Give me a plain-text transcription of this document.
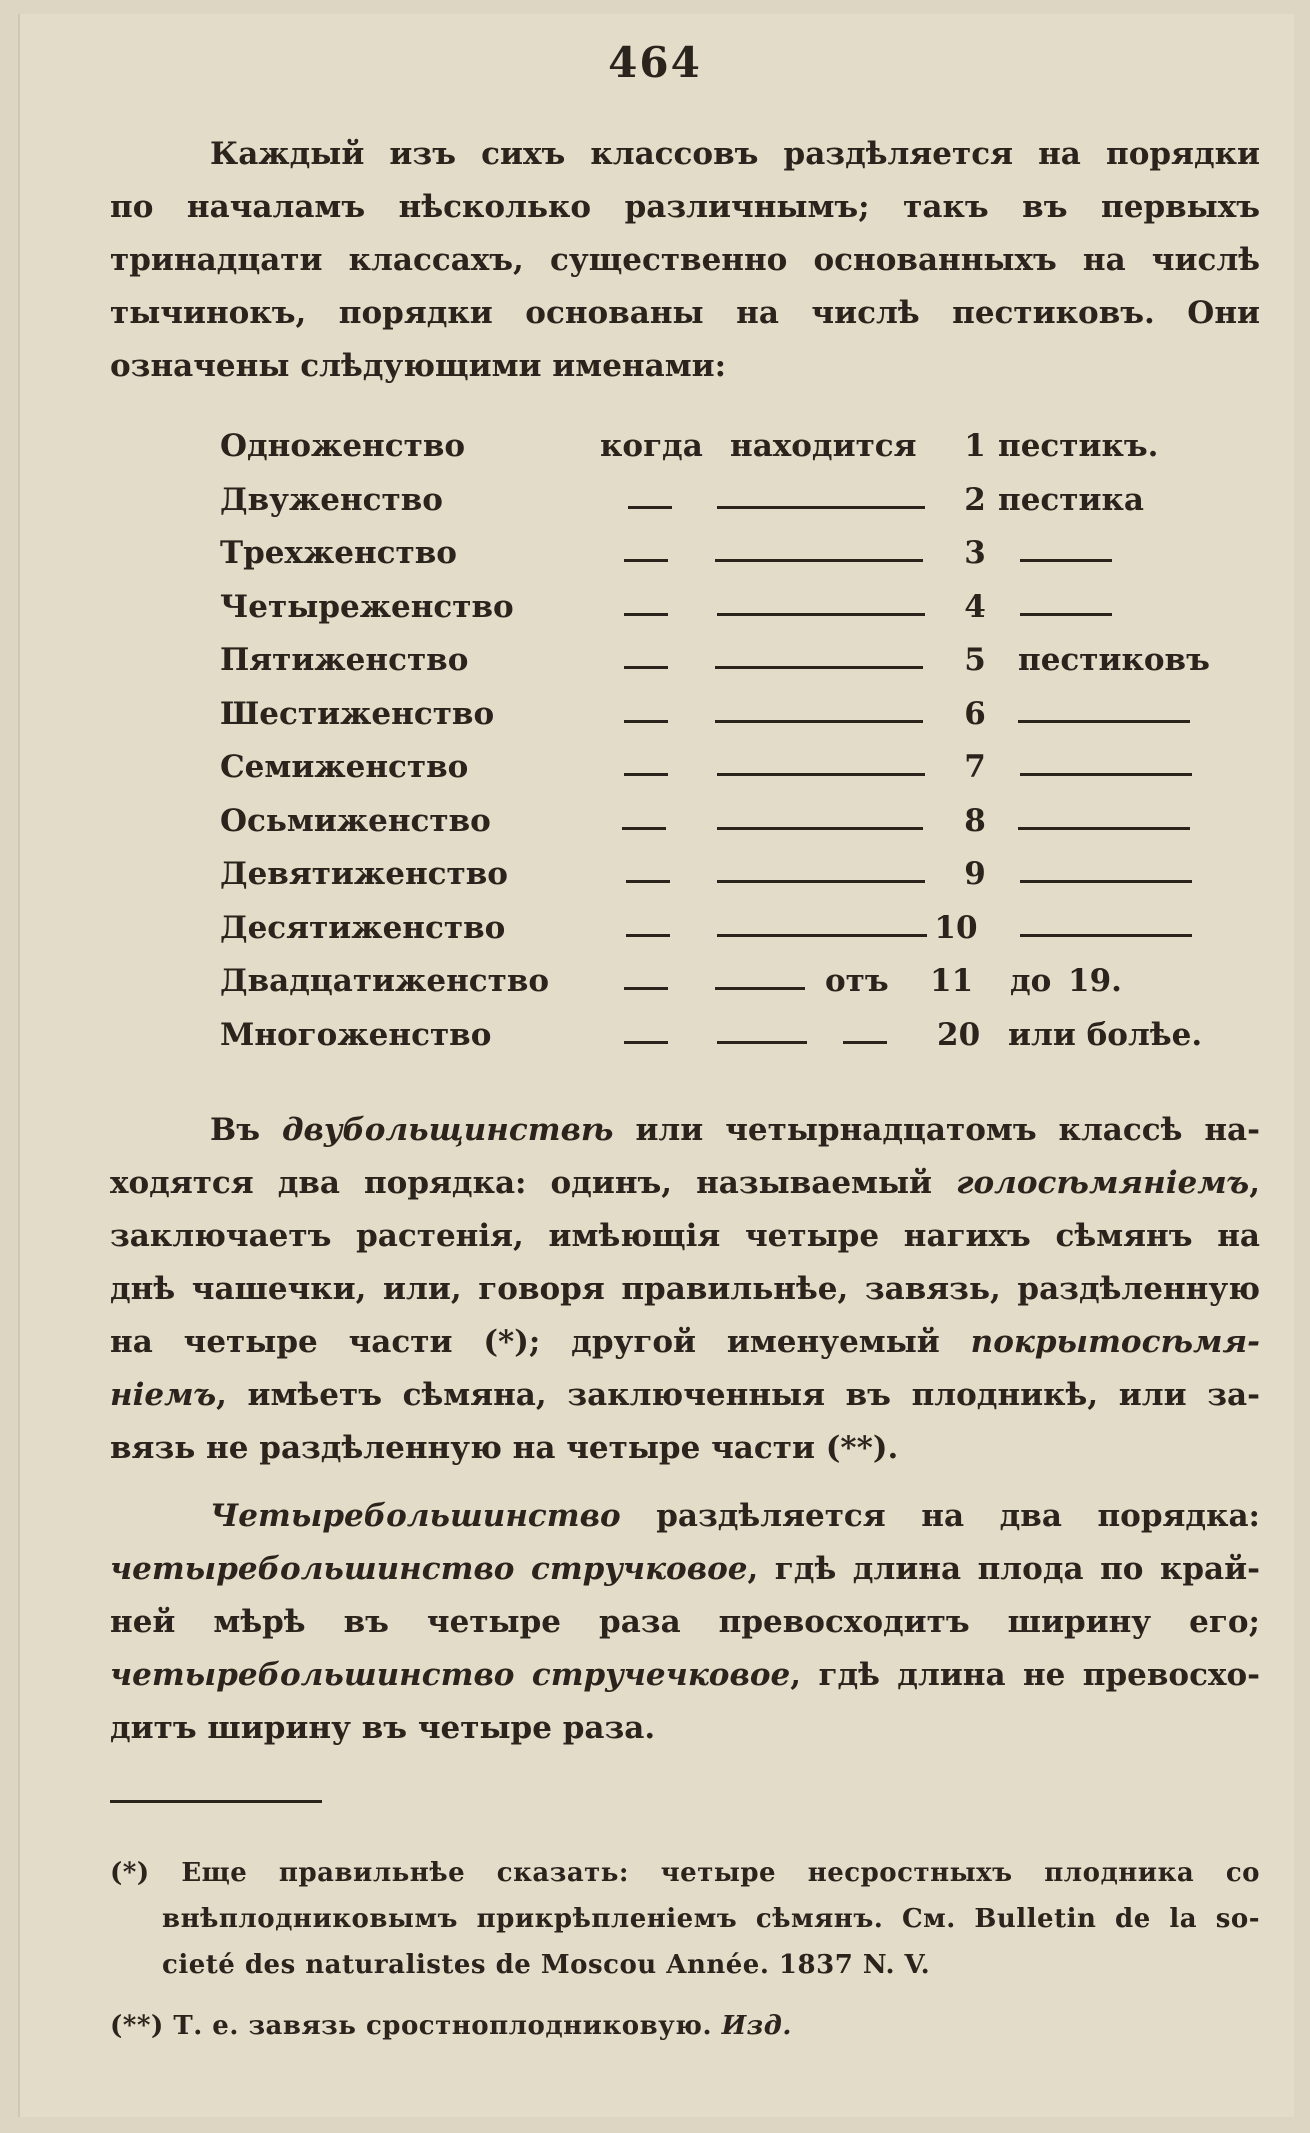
464
Каждый изъ сихъ классовъ раздѣляется на порядки
по началамъ нѣсколько различнымъ; такъ въ первыхъ
тринадцати классахъ, существенно основанныхъ на числѣ
тычинокъ, порядки основаны на числѣ пестиковъ. Они
означены слѣдующими именами:
Одноженство	когда находится	1 пестикъ.
Двуженство	2 пестика
Трехженство	3
Четыреженство	4
Пятиженство	5	пестиковъ
Шестиженство	6
Семиженство	7
Осьмиженство	8
Девятиженство	9
Десятиженство	10
Двадцатиженство	отъ 11 до 19.
Многоженство	20 или болѣе.
Въ двубольщинствѣ или четырнадцатомъ классѣ на-
ходятся два порядка: одинъ, называемый голосѣмяніемъ,
заключаетъ растенія, имѣющія четыре нагихъ сѣмянъ на
днѣ чашечки, или, говоря правильнѣе, завязь, раздѣленную
на четыре части (*); другой именуемый покрытосѣмя-
ніемъ, имѣетъ сѣмяна, заключенныя въ плодникѣ, или за-
вязь не раздѣленную на четыре части (**).
Четыребольшинство раздѣляется на два порядка:
четыребольшинство стручковое, гдѣ длина плода по край-
ней мѣрѣ въ четыре раза превосходитъ ширину его;
четыребольшинство стручечковое, гдѣ длина не превосхо-
дитъ ширину въ четыре раза.
(*) Еще правильнѣе сказать: четыре несростныхъ плодника со
внѣплодниковымъ прикрѣпленіемъ сѣмянъ. См. Bulletin de la so-
cieté des naturalistes de Moscou Année. 1837 N. V.
(**) Т. е. завязь сростноплодниковую. Изд.
